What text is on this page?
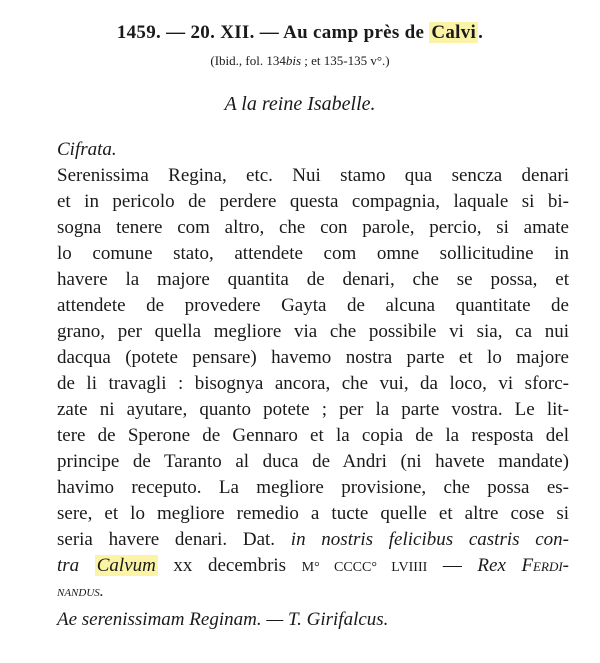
1459. — 20. XII. — Au camp près de Calvi .
(Ibid., fol. 134bis ; et 135-135 v°.)
A la reine Isabelle.
Cifrata.
Serenissima Regina, etc. Nui stamo qua sencza denari
et in pericolo de perdere questa compagnia, laquale si bi-
sogna tenere com altro, che con parole, percio, si amate
lo comune stato, attendete com omne sollicitudine in
havere la majore quantita de denari, che se possa, et
attendete de provedere Gayta de alcuna quantitate de
grano, per quella megliore via che possibile vi sia, ca nui
dacqua (potete pensare) havemo nostra parte et lo majore
de li travagli : bisognya ancora, che vui, da loco, vi sforc-
zate ni ayutare, quanto potete ; per la parte vostra. Le lit-
tere de Sperone de Gennaro et la copia de la resposta del
principe de Taranto al duca de Andri (ni havete mandate)
havimo receputo. La megliore provisione, che possa es-
sere, et lo megliore remedio a tucte quelle et altre cose si
seria havere denari. Dat. in nostris felicibus castris con-
tra Calvum xx decembris M° CCCC° LVIIII — Rex Ferdi-
nandus.
Ae serenissimam Reginam. — T. Girifalcus.
